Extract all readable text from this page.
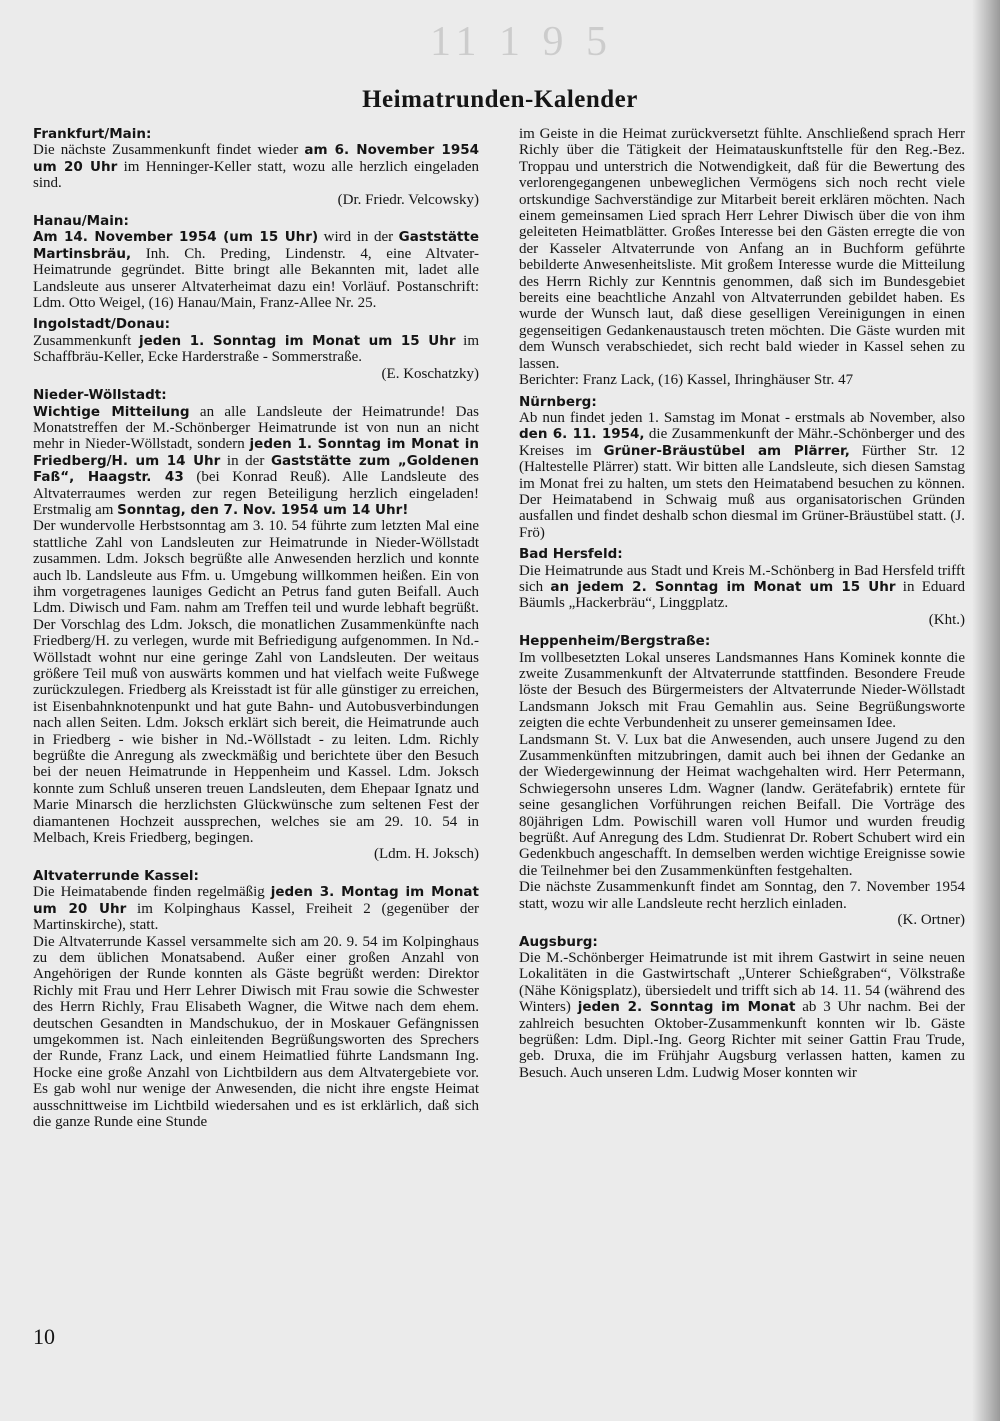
11 1 9 5
Heimatrunden-Kalender
Frankfurt/Main:

Die nächste Zusammenkunft findet wieder am 6. November 1954 um 20 Uhr im Henninger-Keller statt, wozu alle herzlich eingeladen sind.

(Dr. Friedr. Velcowsky)

Hanau/Main:

Am 14. November 1954 (um 15 Uhr) wird in der Gaststätte Martinsbräu, Inh. Ch. Preding, Lindenstr. 4, eine Altvater-Heimatrunde gegründet. Bitte bringt alle Bekannten mit, ladet alle Landsleute aus unserer Altvaterheimat dazu ein! Vorläuf. Postanschrift: Ldm. Otto Weigel, (16) Hanau/Main, Franz-Allee Nr. 25.

Ingolstadt/Donau:

Zusammenkunft jeden 1. Sonntag im Monat um 15 Uhr im Schaffbräu-Keller, Ecke Harderstraße - Sommerstraße.

(E. Koschatzky)

Nieder-Wöllstadt:

Wichtige Mitteilung an alle Landsleute der Heimatrunde! Das Monatstreffen der M.-Schönberger Heimatrunde ist von nun an nicht mehr in Nieder-Wöllstadt, sondern jeden 1. Sonntag im Monat in Friedberg/H. um 14 Uhr in der Gaststätte zum „Goldenen Faß“, Haagstr. 43 (bei Konrad Reuß). Alle Landsleute des Altvaterraumes werden zur regen Beteiligung herzlich eingeladen! Erstmalig am Sonntag, den 7. Nov. 1954 um 14 Uhr!

Der wundervolle Herbstsonntag am 3. 10. 54 führte zum letzten Mal eine stattliche Zahl von Landsleuten zur Heimatrunde in Nieder-Wöllstadt zusammen. Ldm. Joksch begrüßte alle Anwesenden herzlich und konnte auch lb. Landsleute aus Ffm. u. Umgebung willkommen heißen. Ein von ihm vorgetragenes launiges Gedicht an Petrus fand guten Beifall. Auch Ldm. Diwisch und Fam. nahm am Treffen teil und wurde lebhaft begrüßt. Der Vorschlag des Ldm. Joksch, die monatlichen Zusammenkünfte nach Friedberg/H. zu verlegen, wurde mit Befriedigung aufgenommen. In Nd.-Wöllstadt wohnt nur eine geringe Zahl von Landsleuten. Der weitaus größere Teil muß von auswärts kommen und hat vielfach weite Fußwege zurückzulegen. Friedberg als Kreisstadt ist für alle günstiger zu erreichen, ist Eisenbahnknotenpunkt und hat gute Bahn- und Autobusverbindungen nach allen Seiten. Ldm. Joksch erklärt sich bereit, die Heimatrunde auch in Friedberg - wie bisher in Nd.-Wöllstadt - zu leiten. Ldm. Richly begrüßte die Anregung als zweckmäßig und berichtete über den Besuch bei der neuen Heimatrunde in Heppenheim und Kassel. Ldm. Joksch konnte zum Schluß unseren treuen Landsleuten, dem Ehepaar Ignatz und Marie Minarsch die herzlichsten Glückwünsche zum seltenen Fest der diamantenen Hochzeit aussprechen, welches sie am 29. 10. 54 in Melbach, Kreis Friedberg, begingen.

(Ldm. H. Joksch)

Altvaterrunde Kassel:

Die Heimatabende finden regelmäßig jeden 3. Montag im Monat um 20 Uhr im Kolpinghaus Kassel, Freiheit 2 (gegenüber der Martinskirche), statt.

Die Altvaterrunde Kassel versammelte sich am 20. 9. 54 im Kolpinghaus zu dem üblichen Monatsabend. Außer einer großen Anzahl von Angehörigen der Runde konnten als Gäste begrüßt werden: Direktor Richly mit Frau und Herr Lehrer Diwisch mit Frau sowie die Schwester des Herrn Richly, Frau Elisabeth Wagner, die Witwe nach dem ehem. deutschen Gesandten in Mandschukuo, der in Moskauer Gefängnissen umgekommen ist. Nach einleitenden Begrüßungsworten des Sprechers der Runde, Franz Lack, und einem Heimatlied führte Landsmann Ing. Hocke eine große Anzahl von Lichtbildern aus dem Altvatergebiete vor. Es gab wohl nur wenige der Anwesenden, die nicht ihre engste Heimat ausschnittweise im Lichtbild wiedersahen und es ist erklärlich, daß sich die ganze Runde eine Stunde

im Geiste in die Heimat zurückversetzt fühlte. Anschließend sprach Herr Richly über die Tätigkeit der Heimatauskunftstelle für den Reg.-Bez. Troppau und unterstrich die Notwendigkeit, daß für die Bewertung des verlorengegangenen unbeweglichen Vermögens sich noch recht viele ortskundige Sachverständige zur Mitarbeit bereit erklären möchten. Nach einem gemeinsamen Lied sprach Herr Lehrer Diwisch über die von ihm geleiteten Heimatblätter. Großes Interesse bei den Gästen erregte die von der Kasseler Altvaterrunde von Anfang an in Buchform geführte bebilderte Anwesenheitsliste. Mit großem Interesse wurde die Mitteilung des Herrn Richly zur Kenntnis genommen, daß sich im Bundesgebiet bereits eine beachtliche Anzahl von Altvaterrunden gebildet haben. Es wurde der Wunsch laut, daß diese geselligen Vereinigungen in einen gegenseitigen Gedankenaustausch treten möchten. Die Gäste wurden mit dem Wunsch verabschiedet, sich recht bald wieder in Kassel sehen zu lassen.

Berichter: Franz Lack, (16) Kassel, Ihringhäuser Str. 47

Nürnberg:

Ab nun findet jeden 1. Samstag im Monat - erstmals ab November, also den 6. 11. 1954, die Zusammenkunft der Mähr.-Schönberger und des Kreises im Grüner-Bräustübel am Plärrer, Fürther Str. 12 (Haltestelle Plärrer) statt. Wir bitten alle Landsleute, sich diesen Samstag im Monat frei zu halten, um stets den Heimatabend besuchen zu können. Der Heimatabend in Schwaig muß aus organisatorischen Gründen ausfallen und findet deshalb schon diesmal im Grüner-Bräustübel statt. (J. Frö)

Bad Hersfeld:

Die Heimatrunde aus Stadt und Kreis M.-Schönberg in Bad Hersfeld trifft sich an jedem 2. Sonntag im Monat um 15 Uhr in Eduard Bäumls „Hackerbräu“, Linggplatz.

(Kht.)

Heppenheim/Bergstraße:

Im vollbesetzten Lokal unseres Landsmannes Hans Kominek konnte die zweite Zusammenkunft der Altvaterrunde stattfinden. Besondere Freude löste der Besuch des Bürgermeisters der Altvaterrunde Nieder-Wöllstadt Landsmann Joksch mit Frau Gemahlin aus. Seine Begrüßungsworte zeigten die echte Verbundenheit zu unserer gemeinsamen Idee.

Landsmann St. V. Lux bat die Anwesenden, auch unsere Jugend zu den Zusammenkünften mitzubringen, damit auch bei ihnen der Gedanke an der Wiedergewinnung der Heimat wachgehalten wird. Herr Petermann, Schwiegersohn unseres Ldm. Wagner (landw. Gerätefabrik) erntete für seine gesanglichen Vorführungen reichen Beifall. Die Vorträge des 80jährigen Ldm. Powischill waren voll Humor und wurden freudig begrüßt. Auf Anregung des Ldm. Studienrat Dr. Robert Schubert wird ein Gedenkbuch angeschafft. In demselben werden wichtige Ereignisse sowie die Teilnehmer bei den Zusammenkünften festgehalten.

Die nächste Zusammenkunft findet am Sonntag, den 7. November 1954 statt, wozu wir alle Landsleute recht herzlich einladen.

(K. Ortner)

Augsburg:

Die M.-Schönberger Heimatrunde ist mit ihrem Gastwirt in seine neuen Lokalitäten in die Gastwirtschaft „Unterer Schießgraben“, Völkstraße (Nähe Königsplatz), übersiedelt und trifft sich ab 14. 11. 54 (während des Winters) jeden 2. Sonntag im Monat ab 3 Uhr nachm. Bei der zahlreich besuchten Oktober-Zusammenkunft konnten wir lb. Gäste begrüßen: Ldm. Dipl.-Ing. Georg Richter mit seiner Gattin Frau Trude, geb. Druxa, die im Frühjahr Augsburg verlassen hatten, kamen zu Besuch. Auch unseren Ldm. Ludwig Moser konnten wir

10
